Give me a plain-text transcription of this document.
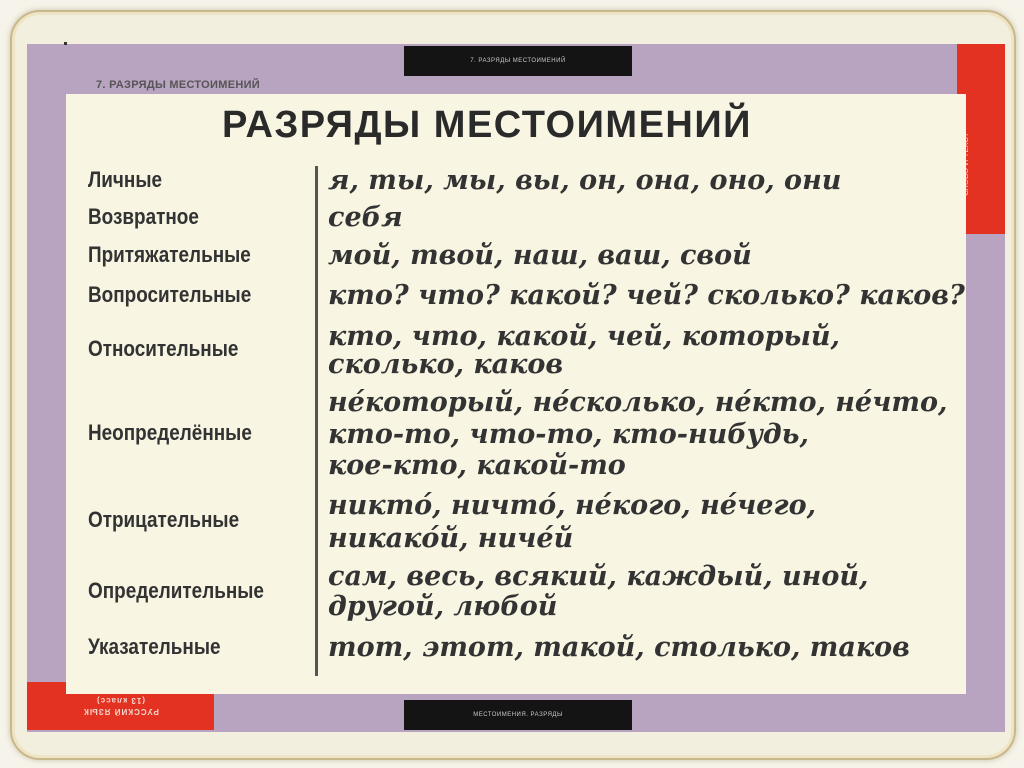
7. РАЗРЯДЫ МЕСТОИМЕНИЙ
МЕСТОИМЕНИЯ. РАЗРЯДЫ
(13 класс)
РУССКИЙ ЯЗЫК
7. РАЗРЯДЫ МЕСТОИМЕНИЙ
РАЗРЯДЫ МЕСТОИМЕНИЙ
Личные
Возвратное
Притяжательные
Вопросительные
Относительные
Неопределённые
Отрицательные
Определительные
Указательные
я, ты, мы, вы, он, она, оно, они
себя
мой, твой, наш, ваш, свой
кто? что? какой? чей? сколько? каков?
кто, что, какой, чей, который,
сколько, каков
не́который, не́сколько, не́кто, не́что,
кто-то, что-то, кто-нибудь,
кое-кто, какой-то
никто́, ничто́, не́кого, не́чего,
никако́й, ниче́й
сам, весь, всякий, каждый, иной,
другой, любой
тот, этот, такой, столько, таков
